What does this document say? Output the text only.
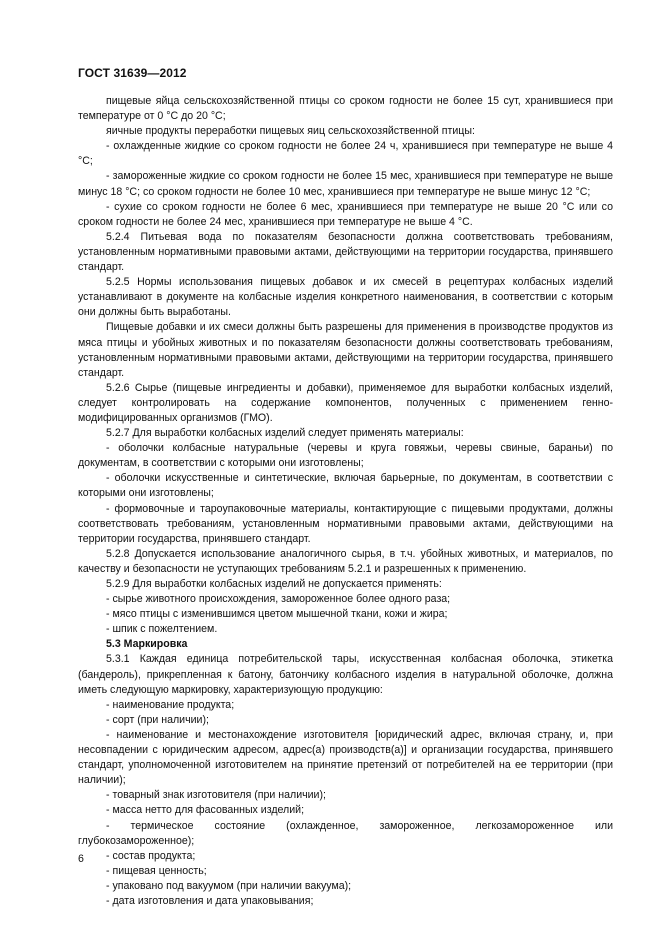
ГОСТ 31639—2012

пищевые яйца сельскохозяйственной птицы со сроком годности не более 15 сут, хранившиеся при температуре от 0 °С до 20 °С;

яичные продукты переработки пищевых яиц сельскохозяйственной птицы:

- охлажденные жидкие со сроком годности не более 24 ч, хранившиеся при температуре не выше 4 °С;

- замороженные жидкие со сроком годности не более 15 мес, хранившиеся при температуре не выше минус 18 °С; со сроком годности не более 10 мес, хранившиеся при температуре не выше минус 12 °С;

- сухие со сроком годности не более 6 мес, хранившиеся при температуре не выше 20 °С или со сроком годности не более 24 мес, хранившиеся при температуре не выше 4 °С.

5.2.4 Питьевая вода по показателям безопасности должна соответствовать требованиям, установленным нормативными правовыми актами, действующими на территории государства, принявшего стандарт.

5.2.5 Нормы использования пищевых добавок и их смесей в рецептурах колбасных изделий устанавливают в документе на колбасные изделия конкретного наименования, в соответствии с которым они должны быть выработаны.

Пищевые добавки и их смеси должны быть разрешены для применения в производстве продуктов из мяса птицы и убойных животных и по показателям безопасности должны соответствовать требованиям, установленным нормативными правовыми актами, действующими на территории государства, принявшего стандарт.

5.2.6 Сырье (пищевые ингредиенты и добавки), применяемое для выработки колбасных изделий, следует контролировать на содержание компонентов, полученных с применением генно-модифицированных организмов (ГМО).

5.2.7 Для выработки колбасных изделий следует применять материалы:

- оболочки колбасные натуральные (черевы и круга говяжьи, черевы свиные, бараньи) по документам, в соответствии с которыми они изготовлены;

- оболочки искусственные и синтетические, включая барьерные, по документам, в соответствии с которыми они изготовлены;

- формовочные и тароупаковочные материалы, контактирующие с пищевыми продуктами, должны соответствовать требованиям, установленным нормативными правовыми актами, действующими на территории государства, принявшего стандарт.

5.2.8 Допускается использование аналогичного сырья, в т.ч. убойных животных, и материалов, по качеству и безопасности не уступающих требованиям 5.2.1 и разрешенных к применению.

5.2.9 Для выработки колбасных изделий не допускается применять:

- сырье животного происхождения, замороженное более одного раза;

- мясо птицы с изменившимся цветом мышечной ткани, кожи и жира;

- шпик с пожелтением.

5.3 Маркировка

5.3.1 Каждая единица потребительской тары, искусственная колбасная оболочка, этикетка (бандероль), прикрепленная к батону, батончику колбасного изделия в натуральной оболочке, должна иметь следующую маркировку, характеризующую продукцию:

- наименование продукта;

- сорт (при наличии);

- наименование и местонахождение изготовителя [юридический адрес, включая страну, и, при несовпадении с юридическим адресом, адрес(а) производств(а)] и организации государства, принявшего стандарт, уполномоченной изготовителем на принятие претензий от потребителей на ее территории (при наличии);

- товарный знак изготовителя (при наличии);

- масса нетто для фасованных изделий;

- термическое состояние (охлажденное, замороженное, легкозамороженное или глубокозамороженное);

- состав продукта;

- пищевая ценность;

- упаковано под вакуумом (при наличии вакуума);

- дата изготовления и дата упаковывания;

6
